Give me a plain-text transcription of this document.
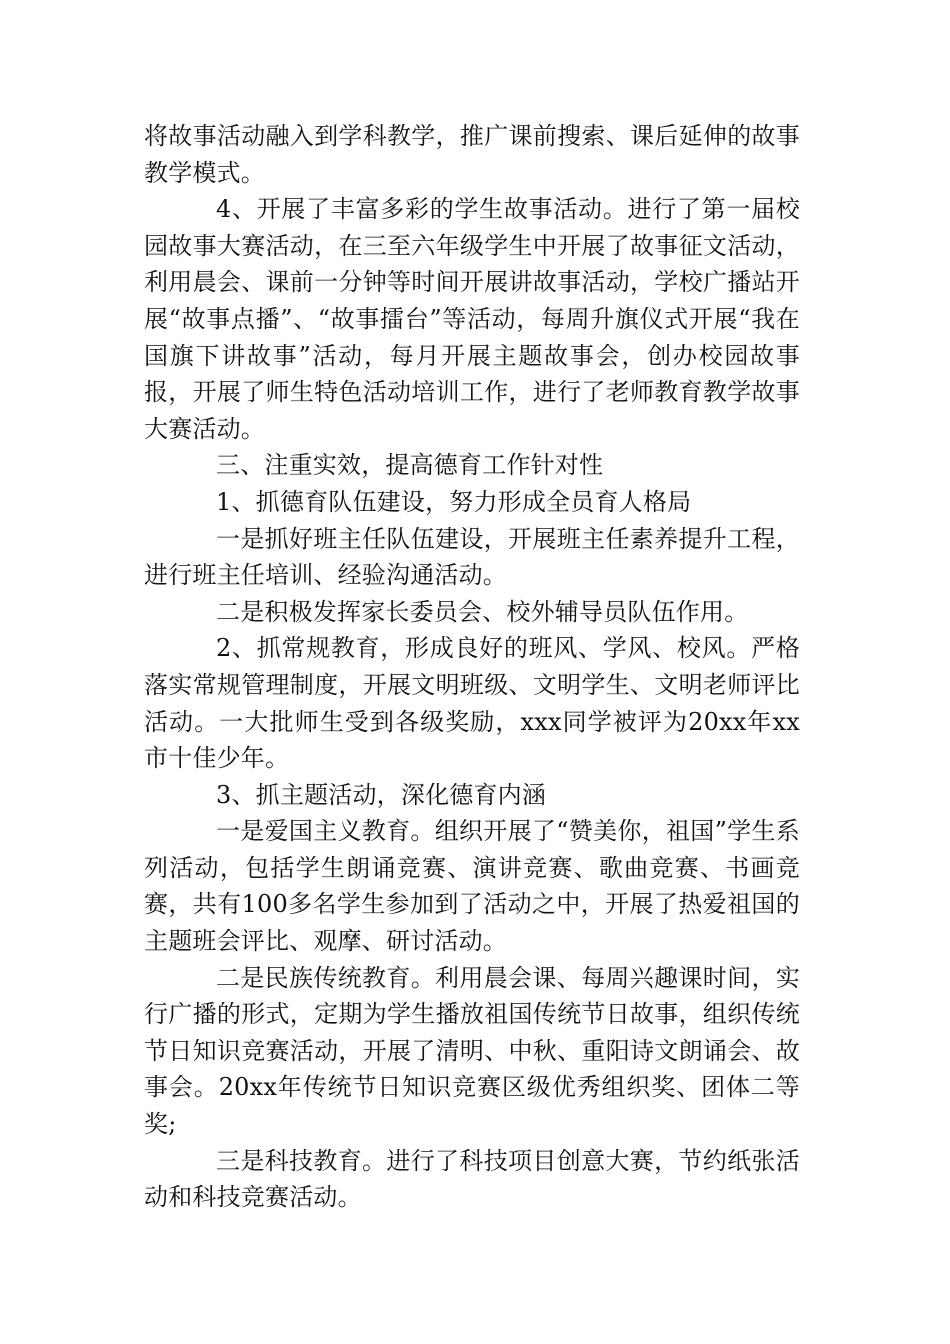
将故事活动融入到学科教学，推广课前搜索、课后延伸的故事教学模式。

4、开展了丰富多彩的学生故事活动。进行了第一届校园故事大赛活动，在三至六年级学生中开展了故事征文活动，利用晨会、课前一分钟等时间开展讲故事活动，学校广播站开展“故事点播”、“故事擂台”等活动，每周升旗仪式开展“我在国旗下讲故事”活动，每月开展主题故事会，创办校园故事报，开展了师生特色活动培训工作，进行了老师教育教学故事大赛活动。

三、注重实效，提高德育工作针对性

1、抓德育队伍建设，努力形成全员育人格局

一是抓好班主任队伍建设，开展班主任素养提升工程，进行班主任培训、经验沟通活动。

二是积极发挥家长委员会、校外辅导员队伍作用。

2、抓常规教育，形成良好的班风、学风、校风。严格落实常规管理制度，开展文明班级、文明学生、文明老师评比活动。一大批师生受到各级奖励，xxx同学被评为20xx年xx市十佳少年。

3、抓主题活动，深化德育内涵

一是爱国主义教育。组织开展了“赞美你，祖国”学生系列活动，包括学生朗诵竞赛、演讲竞赛、歌曲竞赛、书画竞赛，共有100多名学生参加到了活动之中，开展了热爱祖国的主题班会评比、观摩、研讨活动。

二是民族传统教育。利用晨会课、每周兴趣课时间，实行广播的形式，定期为学生播放祖国传统节日故事，组织传统节日知识竞赛活动，开展了清明、中秋、重阳诗文朗诵会、故事会。20xx年传统节日知识竞赛区级优秀组织奖、团体二等奖;

三是科技教育。进行了科技项目创意大赛，节约纸张活动和科技竞赛活动。
